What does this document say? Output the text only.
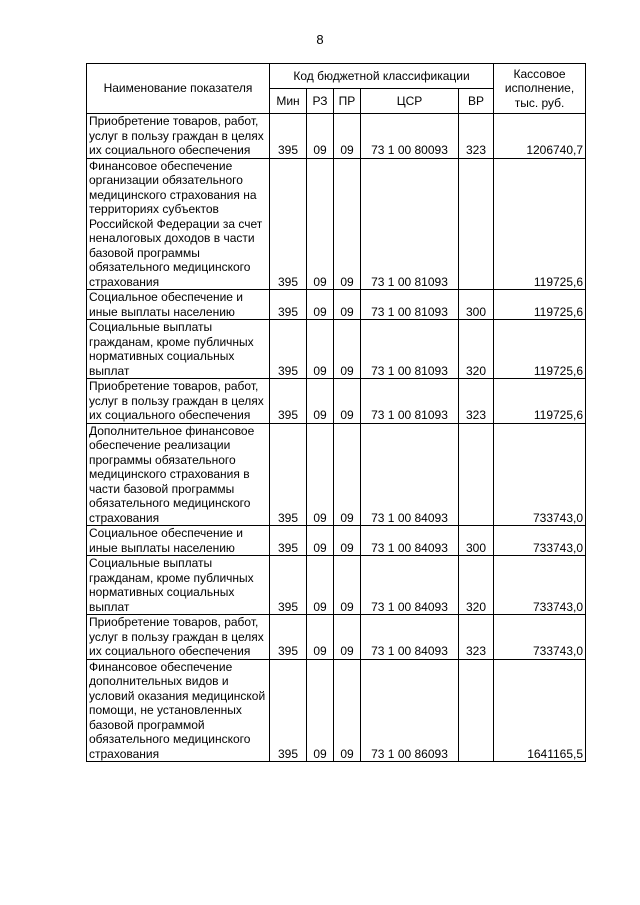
8
Наименование показателя	Код бюджетной классификации					Кассовое исполнение, тыс. руб.
	Мин	РЗ	ПР	ЦСР	ВР	
Приобретение товаров, работ, услуг в пользу граждан в целях их социального обеспечения	395	09	09	73 1 00 80093	323	1206740,7
Финансовое обеспечение организации обязательного медицинского страхования на территориях субъектов Российской Федерации за счет неналоговых доходов в части базовой программы обязательного медицинского страхования	395	09	09	73 1 00 81093		119725,6
Социальное обеспечение и иные выплаты населению	395	09	09	73 1 00 81093	300	119725,6
Социальные выплаты гражданам, кроме публичных нормативных социальных выплат	395	09	09	73 1 00 81093	320	119725,6
Приобретение товаров, работ, услуг в пользу граждан в целях их социального обеспечения	395	09	09	73 1 00 81093	323	119725,6
Дополнительное финансовое обеспечение реализации программы обязательного медицинского страхования в части базовой программы обязательного медицинского страхования	395	09	09	73 1 00 84093		733743,0
Социальное обеспечение и иные выплаты населению	395	09	09	73 1 00 84093	300	733743,0
Социальные выплаты гражданам, кроме публичных нормативных социальных выплат	395	09	09	73 1 00 84093	320	733743,0
Приобретение товаров, работ, услуг в пользу граждан в целях их социального обеспечения	395	09	09	73 1 00 84093	323	733743,0
Финансовое обеспечение дополнительных видов и условий оказания медицинской помощи, не установленных базовой программой обязательного медицинского страхования	395	09	09	73 1 00 86093		1641165,5
